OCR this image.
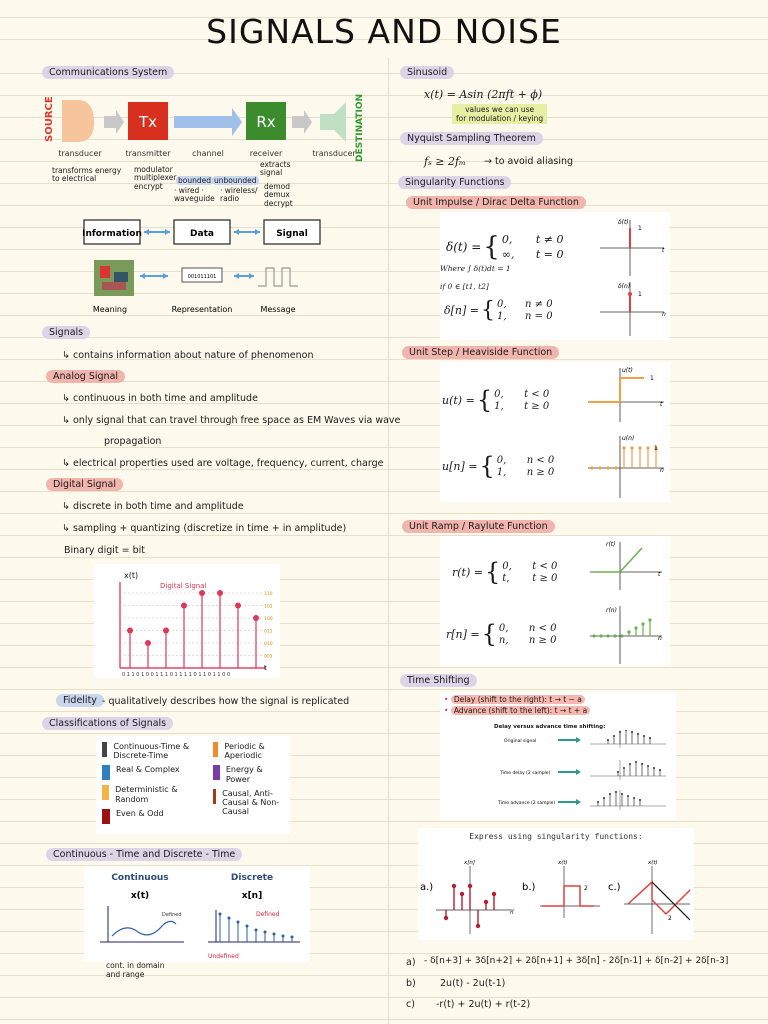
SIGNALS AND NOISE
Communications System
SOURCE	Tx	Rx	DESTINATION
transducer	transmitter	channel	receiver	transducer
transforms energy to electrical
modulator multiplexer encrypt
bounded unbounded
· wired · waveguide
· wireless/ radio
extracts signal
demod demux decrypt
Information	Data	Signal
001011101
Meaning	Representation	Message
Signals
↳ contains information about nature of phenomenon
Analog Signal
↳ continuous in both time and amplitude
↳ only signal that can travel through free space as EM Waves via wave
propagation
↳ electrical properties used are voltage, frequency, current, charge
Digital Signal
↳ discrete in both time and amplitude
↳ sampling + quantizing (discretize in time + in amplitude)
Binary digit = bit
x(t)
Digital Signal
t
110
101
100
011
010
001
0 1 1 0 1 0 0 1 1 1 0 1 1 1 1 0 1 1 0 1 1 0 0
Fidelity - qualitatively describes how the signal is replicated
Classifications of Signals
Continuous-Time & Discrete-Time
Real & Complex
Deterministic & Random
Even & Odd
Periodic & Aperiodic
Energy & Power
Causal, Anti-Causal & Non-Causal
Continuous - Time and Discrete - Time
Continuous	Discrete
x(t)	x[n]
Defined	Defined
Undefined
cont. in domain and range
Sinusoid
x(t) = Asin (2πft + ϕ)
values we can use
for modulation / keying
Nyquist Sampling Theorem
fₛ ≥ 2fₘ → to avoid aliasing
Singularity Functions
Unit Impulse / Dirac Delta Function
δ(t) = { 0,	t ≠ 0
∞,	t = 0
Where ∫ δ(t)dt = 1
if 0 ∈ [t1, t2]
δ[n] = { 0,	n ≠ 0
1,	n = 0
δ(t)
1
t
δ(n)
1
n
Unit Step / Heaviside Function
u(t) = { 0,	t < 0
1,	t ≥ 0
u[n] = { 0,	n < 0
1,	n ≥ 0
u(t)
1
t
u(n)
1
n
Unit Ramp / Raylute Function
r(t) = { 0,	t < 0
t,	t ≥ 0
r[n] = { 0,	n < 0
n,	n ≥ 0
r(t)
t
r(n)
n
Time Shifting
• Delay (shift to the right): t → t − a
• Advance (shift to the left): t → t + a
Delay versus advance time shifting:
Original signal
Time delay (2 sample)
Time advance (2 sample)
Express using singularity functions:
a.)	b.)	c.)
x[n]
n
x(t)
2
x(t)
2
a) - δ[n+3] + 3δ[n+2] + 2δ[n+1] + 3δ[n] - 2δ[n-1] + δ[n-2] + 2δ[n-3]
b)	2u(t) - 2u(t-1)
c) -r(t) + 2u(t) + r(t-2)
